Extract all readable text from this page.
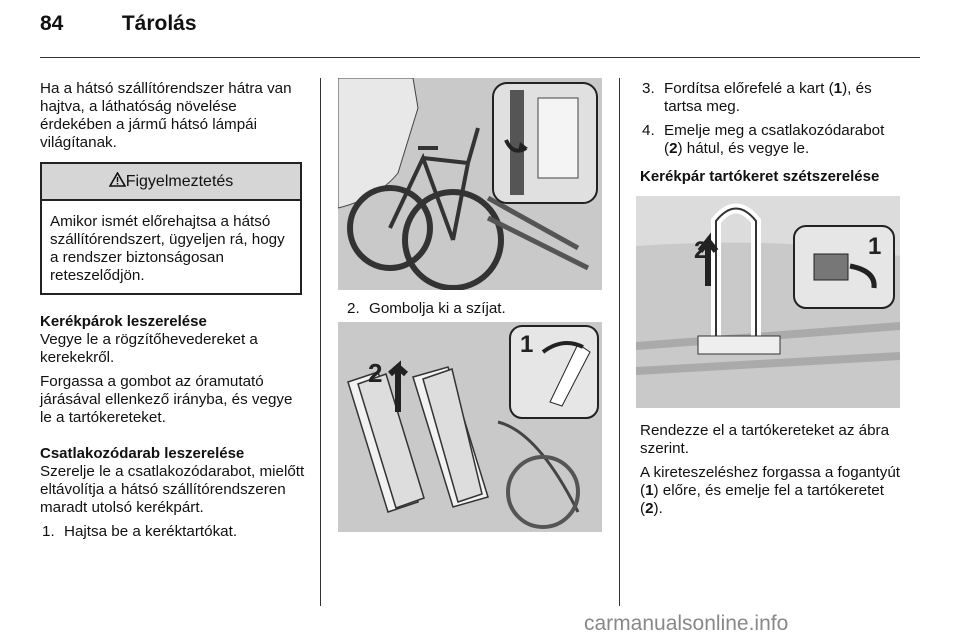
84	Tárolás

Ha a hátsó szállítórendszer hátra van hajtva, a láthatóság növelése érdekében a jármű hátsó lámpái világítanak.

Figyelmeztetés
Amikor ismét előrehajtsa a hátsó szállítórendszert, ügyeljen rá, hogy a rendszer biztonságosan reteszelődjön.
Kerékpárok leszerelése

Vegye le a rögzítőhevedereket a kerekekről.

Forgassa a gombot az óramutató járásával ellenkező irányba, és vegye le a tartókereteket.

Csatlakozódarab leszerelése

Szerelje le a csatlakozódarabot, mielőtt eltávolítja a hátsó szállítórendszeren maradt utolsó kerékpárt.

1. Hajtsa be a keréktartókat.
2. Gombolja ki a szíjat.
2
1
3. Fordítsa előrefelé a kart (1), és tartsa meg.
4. Emelje meg a csatlakozódarabot (2) hátul, és vegye le.
Kerékpár tartókeret szétszerelése
2	1

Rendezze el a tartókereteket az ábra szerint.

A kireteszeléshez forgassa a fogantyút (1) előre, és emelje fel a tartókeretet (2).

carmanualsonline.info
